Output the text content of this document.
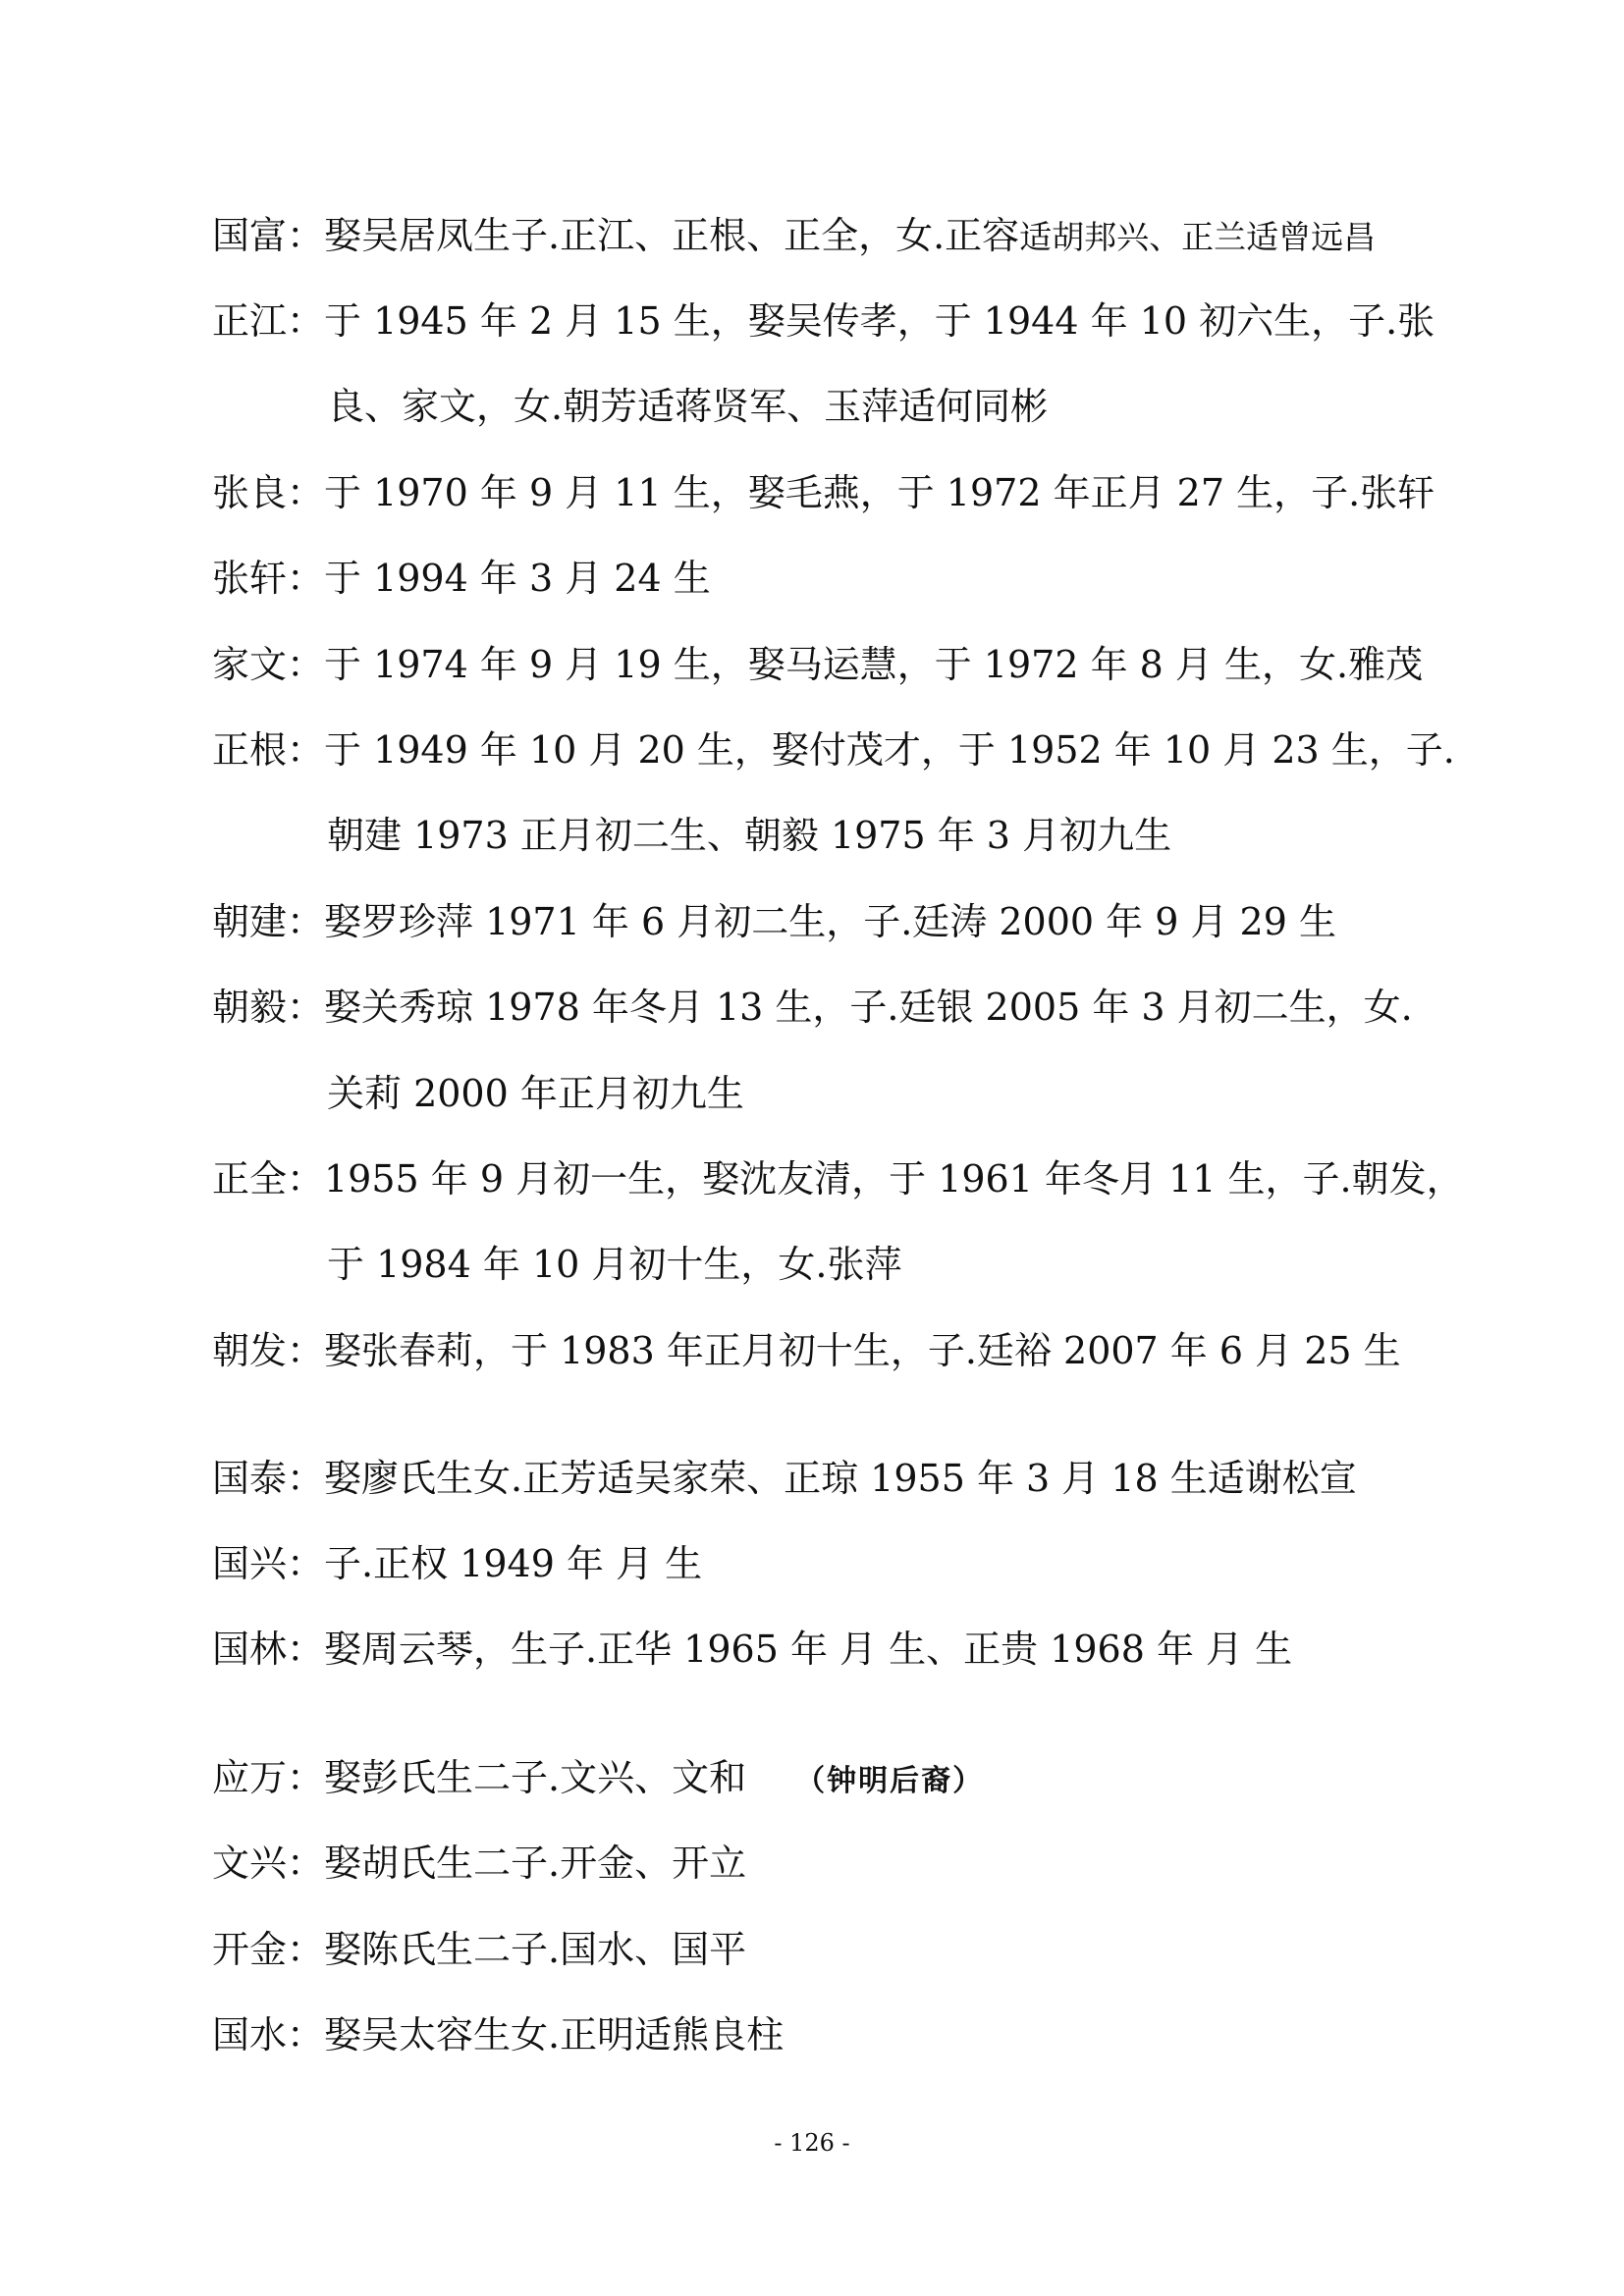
国富：娶吴居凤生子.正江、正根、正全，女.正容适胡邦兴、正兰适曾远昌
正江：于 1945 年 2 月 15 生，娶吴传孝，于 1944 年 10 初六生，子.张
良、家文，女.朝芳适蒋贤军、玉萍适何同彬
张良：于 1970 年 9 月 11 生，娶毛燕，于 1972 年正月 27 生，子.张轩
张轩：于 1994 年 3 月 24 生
家文：于 1974 年 9 月 19 生，娶马运慧，于 1972 年 8 月 生，女.雅茂
正根：于 1949 年 10 月 20 生，娶付茂才，于 1952 年 10 月 23 生，子.
朝建 1973 正月初二生、朝毅 1975 年 3 月初九生
朝建：娶罗珍萍 1971 年 6 月初二生，子.廷涛 2000 年 9 月 29 生
朝毅：娶关秀琼 1978 年冬月 13 生，子.廷银 2005 年 3 月初二生，女.
关莉 2000 年正月初九生
正全：1955 年 9 月初一生，娶沈友清，于 1961 年冬月 11 生，子.朝发，
于 1984 年 10 月初十生，女.张萍
朝发：娶张春莉，于 1983 年正月初十生，子.廷裕 2007 年 6 月 25 生
国泰：娶廖氏生女.正芳适吴家荣、正琼 1955 年 3 月 18 生适谢松宣
国兴：子.正权 1949 年 月 生
国林：娶周云琴，生子.正华 1965 年 月 生、正贵 1968 年 月 生
应万：娶彭氏生二子.文兴、文和 （钟明后裔）
文兴：娶胡氏生二子.开金、开立
开金：娶陈氏生二子.国水、国平
国水：娶吴太容生女.正明适熊良柱
- 126 -
